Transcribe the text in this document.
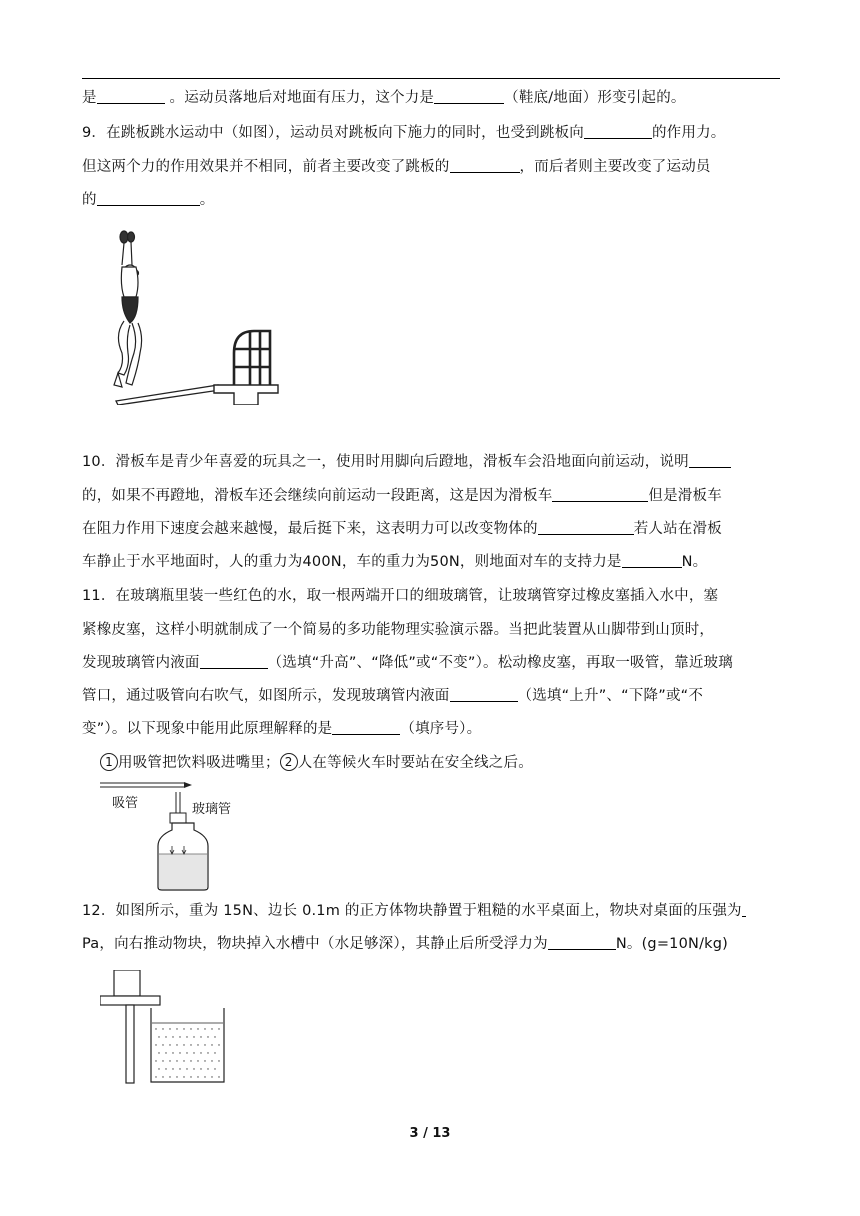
是	。运动员落地后对地面有压力，这个力是	（鞋底/地面）形变引起的。
9．在跳板跳水运动中（如图），运动员对跳板向下施力的同时，也受到跳板向	的作用力。
但这两个力的作用效果并不相同，前者主要改变了跳板的	，而后者则主要改变了运动员
的	。
10．滑板车是青少年喜爱的玩具之一，使用时用脚向后蹬地，滑板车会沿地面向前运动，说明
的，如果不再蹬地，滑板车还会继续向前运动一段距离，这是因为滑板车	但是滑板车
在阻力作用下速度会越来越慢，最后挺下来，这表明力可以改变物体的	若人站在滑板
车静止于水平地面时，人的重力为400N，车的重力为50N，则地面对车的支持力是	N。
11．在玻璃瓶里装一些红色的水，取一根两端开口的细玻璃管，让玻璃管穿过橡皮塞插入水中，塞
紧橡皮塞，这样小明就制成了一个简易的多功能物理实验演示器。当把此装置从山脚带到山顶时，
发现玻璃管内液面	（选填“升高”、“降低”或“不变”）。松动橡皮塞，再取一吸管，靠近玻璃
管口，通过吸管向右吹气，如图所示，发现玻璃管内液面	（选填“上升”、“下降”或“不
变”）。以下现象中能用此原理解释的是	（填序号）。
1 用吸管把饮料吸进嘴里； 2 人在等候火车时要站在安全线之后。
吸管	玻璃管
12．如图所示，重为 15N、边长 0.1m 的正方体物块静置于粗糙的水平桌面上，物块对桌面的压强为
Pa，向右推动物块，物块掉入水槽中（水足够深），其静止后所受浮力为	N。(g=10N/kg)
3 / 13
